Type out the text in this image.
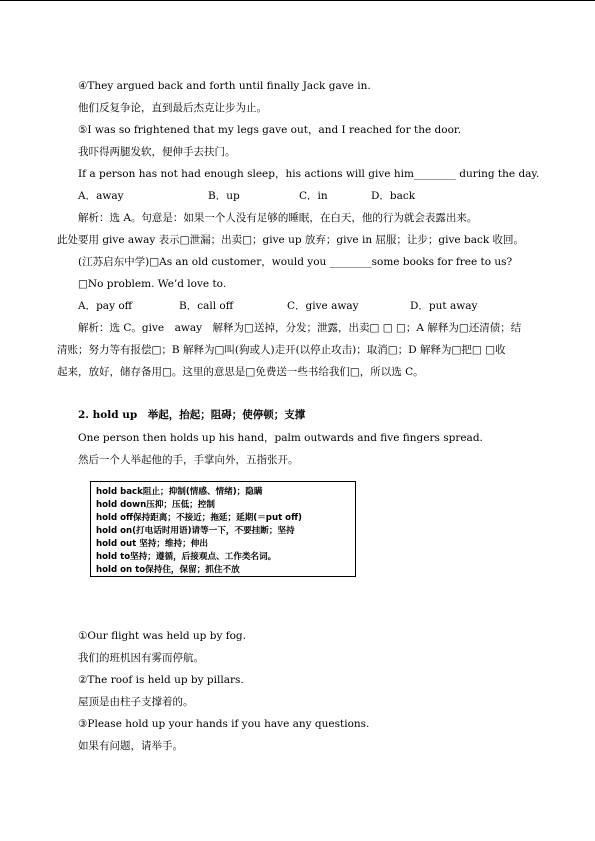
④They argued back and forth until finally Jack gave in.
他们反复争论，直到最后杰克让步为止。
⑤I was so frightened that my legs gave out，and I reached for the door.
我吓得两腿发软，便伸手去扶门。
If a person has not had enough sleep，his actions will give him________ during the day.
A．away	B．up	C．in	D．back
解析：选 A。句意是：如果一个人没有足够的睡眠，在白天，他的行为就会表露出来。
此处要用 give away 表示□泄漏；出卖□；give up 放弃；give in 屈服；让步；give back 收回。
(江苏启东中学)□As an old customer，would you ________some books for free to us?
□No problem. We’d love to.
A．pay off	B．call off	C．give away	D．put away
解析：选 C。give　away　解释为□送掉，分发；泄露，出卖□ □ □；A 解释为□还清债；结
清账；努力等有报偿□；B 解释为□叫(狗或人)走开(以停止攻击)；取消□；D 解释为□把□ □收
起来，放好，储存备用□。这里的意思是□免费送一些书给我们□，所以选 C。
2. hold up　举起，抬起；阻碍；使停顿；支撑
One person then holds up his hand，palm outwards and five fingers spread.
然后一个人举起他的手，手掌向外，五指张开。
hold back阻止；抑制(情感、情绪)；隐瞒
hold down压抑；压低；控制
hold off保持距离；不接近；拖延；延期(＝put off)
hold on(打电话时用语)请等一下，不要挂断；坚持
hold out 坚持；维持；伸出
hold to坚持；遵循，后接观点、工作类名词。
hold on to保持住，保留；抓住不放
①Our flight was held up by fog.
我们的班机因有雾而停航。
②The roof is held up by pillars.
屋顶是由柱子支撑着的。
③Please hold up your hands if you have any questions.
如果有问题，请举手。
